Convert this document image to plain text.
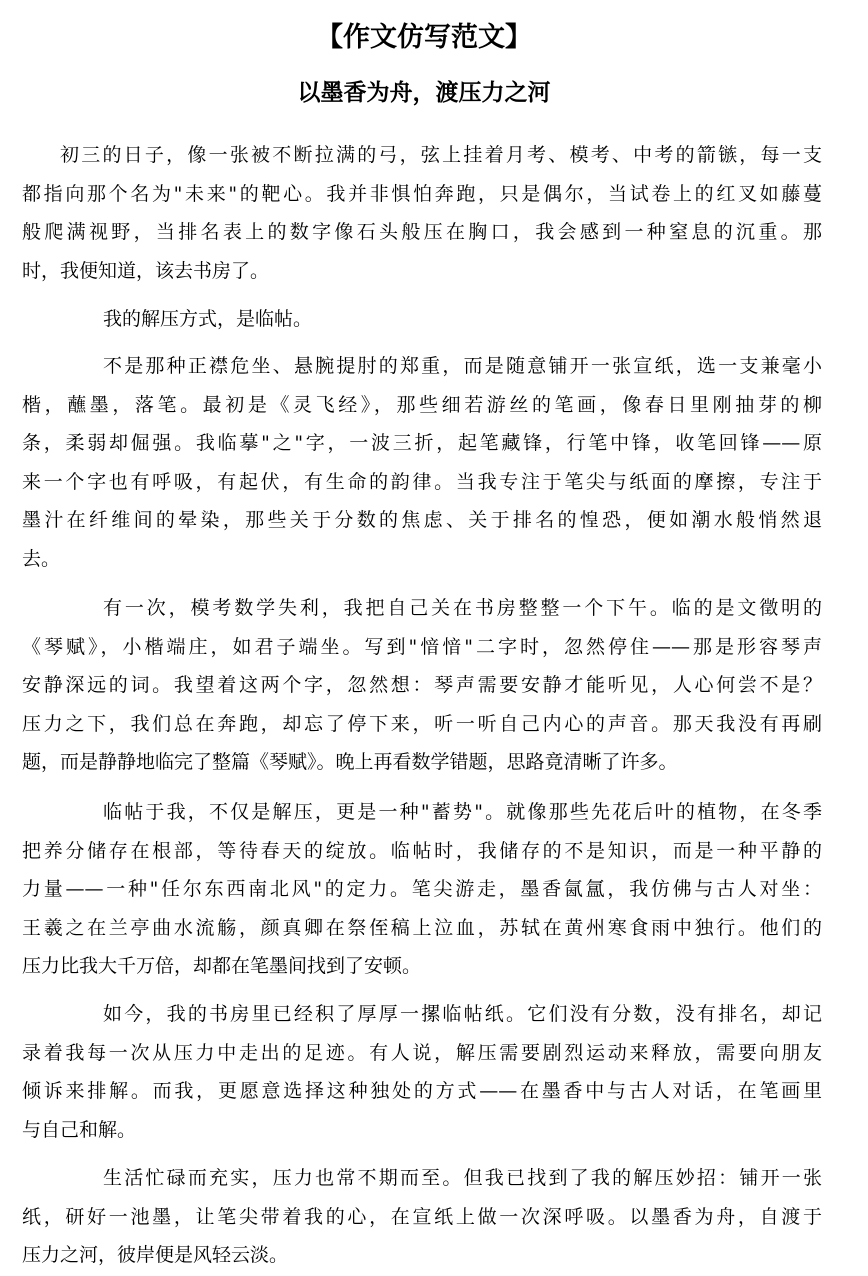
【作文仿写范文】
以墨香为舟，渡压力之河
初三的日子，像一张被不断拉满的弓，弦上挂着月考、模考、中考的箭镞，每一支
都指向那个名为"未来"的靶心。我并非惧怕奔跑，只是偶尔，当试卷上的红叉如藤蔓
般爬满视野，当排名表上的数字像石头般压在胸口，我会感到一种窒息的沉重。那
时，我便知道，该去书房了。
我的解压方式，是临帖。
不是那种正襟危坐、悬腕提肘的郑重，而是随意铺开一张宣纸，选一支兼毫小
楷，蘸墨，落笔。最初是《灵飞经》，那些细若游丝的笔画，像春日里刚抽芽的柳
条，柔弱却倔强。我临摹"之"字，一波三折，起笔藏锋，行笔中锋，收笔回锋——原
来一个字也有呼吸，有起伏，有生命的韵律。当我专注于笔尖与纸面的摩擦，专注于
墨汁在纤维间的晕染，那些关于分数的焦虑、关于排名的惶恐，便如潮水般悄然退
去。
有一次，模考数学失利，我把自己关在书房整整一个下午。临的是文徵明的
《琴赋》，小楷端庄，如君子端坐。写到"愔愔"二字时，忽然停住——那是形容琴声
安静深远的词。我望着这两个字，忽然想：琴声需要安静才能听见，人心何尝不是？
压力之下，我们总在奔跑，却忘了停下来，听一听自己内心的声音。那天我没有再刷
题，而是静静地临完了整篇《琴赋》。晚上再看数学错题，思路竟清晰了许多。
临帖于我，不仅是解压，更是一种"蓄势"。就像那些先花后叶的植物，在冬季
把养分储存在根部，等待春天的绽放。临帖时，我储存的不是知识，而是一种平静的
力量——一种"任尔东西南北风"的定力。笔尖游走，墨香氤氲，我仿佛与古人对坐：
王羲之在兰亭曲水流觞，颜真卿在祭侄稿上泣血，苏轼在黄州寒食雨中独行。他们的
压力比我大千万倍，却都在笔墨间找到了安顿。
如今，我的书房里已经积了厚厚一摞临帖纸。它们没有分数，没有排名，却记
录着我每一次从压力中走出的足迹。有人说，解压需要剧烈运动来释放，需要向朋友
倾诉来排解。而我，更愿意选择这种独处的方式——在墨香中与古人对话，在笔画里
与自己和解。
生活忙碌而充实，压力也常不期而至。但我已找到了我的解压妙招：铺开一张
纸，研好一池墨，让笔尖带着我的心，在宣纸上做一次深呼吸。以墨香为舟，自渡于
压力之河，彼岸便是风轻云淡。
